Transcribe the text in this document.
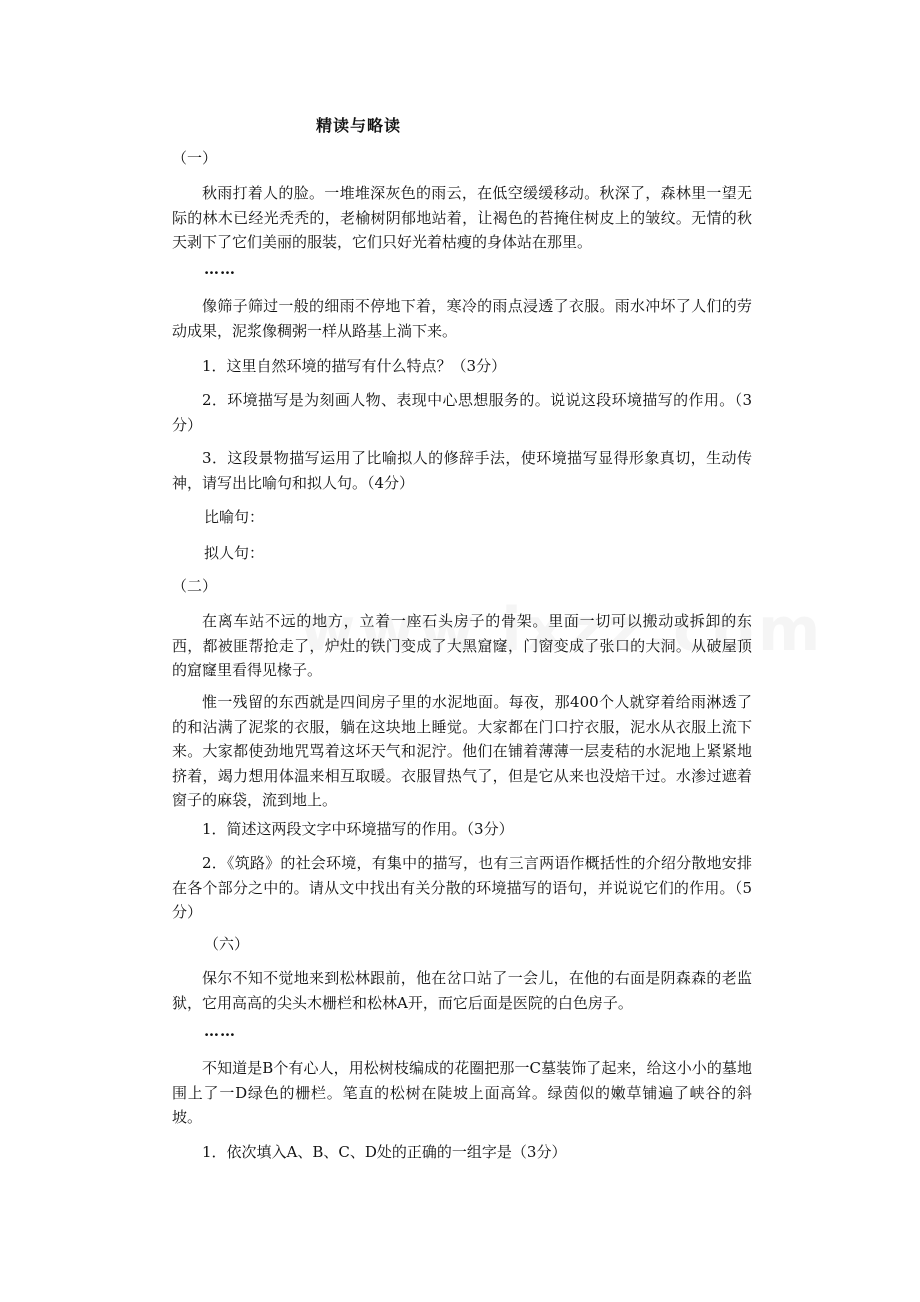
精读与略读
（一）
秋雨打着人的脸。一堆堆深灰色的雨云，在低空缓缓移动。秋深了，森林里一望无际的林木已经光秃秃的，老榆树阴郁地站着，让褐色的苔掩住树皮上的皱纹。无情的秋天剥下了它们美丽的服装，它们只好光着枯瘦的身体站在那里。
……
像筛子筛过一般的细雨不停地下着，寒冷的雨点浸透了衣服。雨水冲坏了人们的劳动成果，泥浆像稠粥一样从路基上淌下来。
1．这里自然环境的描写有什么特点？（3分）
2．环境描写是为刻画人物、表现中心思想服务的。说说这段环境描写的作用。（3分）
3．这段景物描写运用了比喻拟人的修辞手法，使环境描写显得形象真切，生动传神，请写出比喻句和拟人句。（4分）
比喻句：
拟人句：
（二）
在离车站不远的地方，立着一座石头房子的骨架。里面一切可以搬动或拆卸的东西，都被匪帮抢走了，炉灶的铁门变成了大黑窟窿，门窗变成了张口的大洞。从破屋顶的窟窿里看得见椽子。
惟一残留的东西就是四间房子里的水泥地面。每夜，那400个人就穿着给雨淋透了的和沾满了泥浆的衣服，躺在这块地上睡觉。大家都在门口拧衣服，泥水从衣服上流下来。大家都使劲地咒骂着这坏天气和泥泞。他们在铺着薄薄一层麦秸的水泥地上紧紧地挤着，竭力想用体温来相互取暖。衣服冒热气了，但是它从来也没焙干过。水渗过遮着窗子的麻袋，流到地上。
1．简述这两段文字中环境描写的作用。（3分）
2．《筑路》的社会环境，有集中的描写，也有三言两语作概括性的介绍分散地安排在各个部分之中的。请从文中找出有关分散的环境描写的语句，并说说它们的作用。（5分）
（六）
保尔不知不觉地来到松林跟前，他在岔口站了一会儿，在他的右面是阴森森的老监狱，它用高高的尖头木栅栏和松林A开，而它后面是医院的白色房子。
……
不知道是B个有心人，用松树枝编成的花圈把那一C墓装饰了起来，给这小小的墓地围上了一D绿色的栅栏。笔直的松树在陡坡上面高耸。绿茵似的嫩草铺遍了峡谷的斜坡。
1．依次填入A、B、C、D处的正确的一组字是（3分）
